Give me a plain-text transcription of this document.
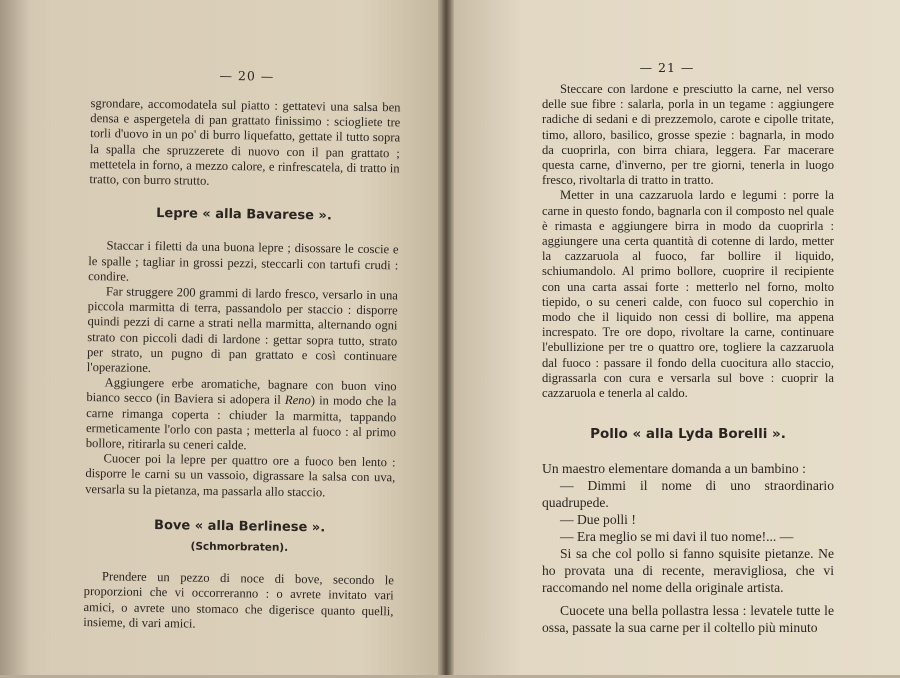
— 20 —

sgrondare, accomodatela sul piatto : gettatevi una salsa ben densa e aspergetela di pan grattato finissimo : sciogliete tre torli d'uovo in un po' di burro liquefatto, gettate il tutto sopra la spalla che spruzzerete di nuovo con il pan grattato ; mettetela in forno, a mezzo calore, e rinfrescatela, di tratto in tratto, con burro strutto.

Lepre « alla Bavarese ».

Staccar i filetti da una buona lepre ; disossare le coscie e le spalle ; tagliar in grossi pezzi, steccarli con tartufi crudi : condire.

Far struggere 200 grammi di lardo fresco, versarlo in una piccola marmitta di terra, passandolo per staccio : disporre quindi pezzi di carne a strati nella marmitta, alternando ogni strato con piccoli dadi di lardone : gettar sopra tutto, strato per strato, un pugno di pan grattato e così continuare l'operazione.

Aggiungere erbe aromatiche, bagnare con buon vino bianco secco (in Baviera si adopera il Reno) in modo che la carne rimanga coperta : chiuder la marmitta, tappando ermeticamente l'orlo con pasta ; metterla al fuoco : al primo bollore, ritirarla su ceneri calde.

Cuocer poi la lepre per quattro ore a fuoco ben lento : disporre le carni su un vassoio, digrassare la salsa con uva, versarla su la pietanza, ma passarla allo staccio.

Bove « alla Berlinese ».
(Schmorbraten).

Prendere un pezzo di noce di bove, secondo le proporzioni che vi occorreranno : o avrete invitato vari amici, o avrete uno stomaco che digerisce quanto quelli, insieme, di vari amici.

— 21 —

Steccare con lardone e presciutto la carne, nel verso delle sue fibre : salarla, porla in un tegame : aggiungere radiche di sedani e di prezzemolo, carote e cipolle tritate, timo, alloro, basilico, grosse spezie : bagnarla, in modo da cuoprirla, con birra chiara, leggera. Far macerare questa carne, d'inverno, per tre giorni, tenerla in luogo fresco, rivoltarla di tratto in tratto.

Metter in una cazzaruola lardo e legumi : porre la carne in questo fondo, bagnarla con il composto nel quale è rimasta e aggiungere birra in modo da cuoprirla : aggiungere una certa quantità di cotenne di lardo, metter la cazzaruola al fuoco, far bollire il liquido, schiumandolo. Al primo bollore, cuoprire il recipiente con una carta assai forte : metterlo nel forno, molto tiepido, o su ceneri calde, con fuoco sul coperchio in modo che il liquido non cessi di bollire, ma appena increspato. Tre ore dopo, rivoltare la carne, continuare l'ebullizione per tre o quattro ore, togliere la cazzaruola dal fuoco : passare il fondo della cuocitura allo staccio, digrassarla con cura e versarla sul bove : cuoprir la cazzaruola e tenerla al caldo.

Pollo « alla Lyda Borelli ».

Un maestro elementare domanda a un bambino :

— Dimmi il nome di uno straordinario quadrupede.

— Due polli !

— Era meglio se mi davi il tuo nome!... —

Si sa che col pollo si fanno squisite pietanze. Ne ho provata una di recente, meravigliosa, che vi raccomando nel nome della originale artista.

Cuocete una bella pollastra lessa : levatele tutte le ossa, passate la sua carne per il coltello più minuto
